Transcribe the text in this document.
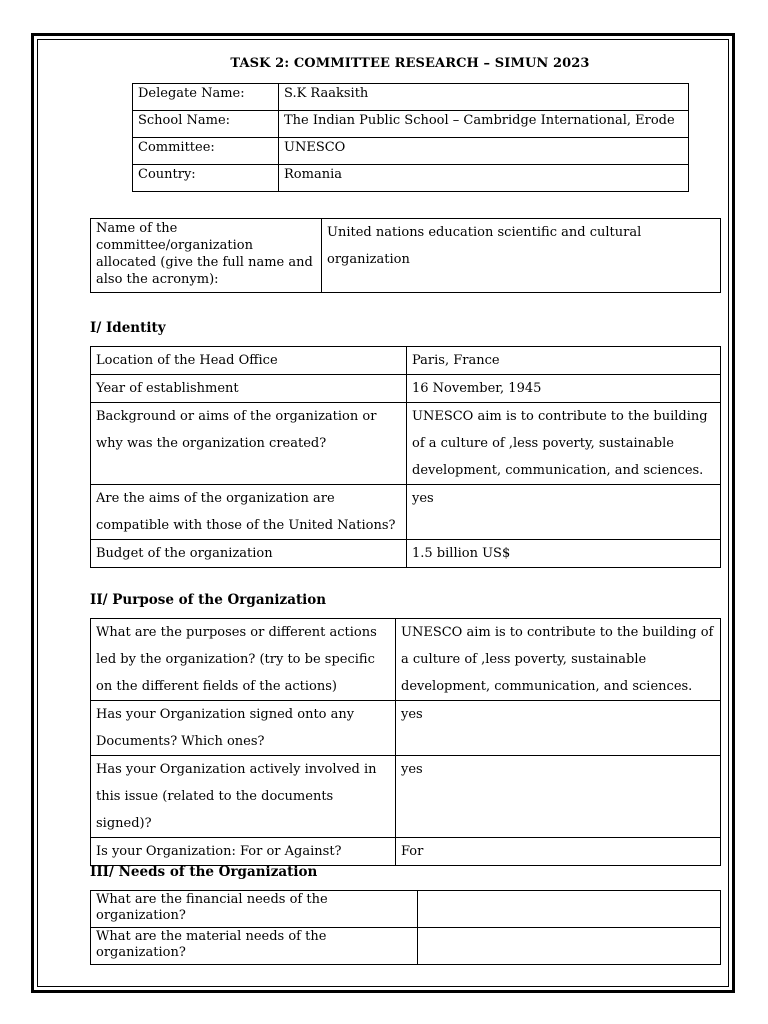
TASK 2: COMMITTEE RESEARCH – SIMUN 2023
Delegate Name:	S.K Raaksith
School Name:	The Indian Public School – Cambridge International, Erode
Committee:	UNESCO
Country:	Romania
Name of the committee/organization allocated (give the full name and also the acronym):	United nations education scientific and cultural organization
I/ Identity
Location of the Head Office	Paris, France
Year of establishment	16 November, 1945
Background or aims of the organization or why was the organization created?	UNESCO aim is to contribute to the building of a culture of ,less poverty, sustainable development, communication, and sciences.
Are the aims of the organization are compatible with those of the United Nations?	yes
Budget of the organization	1.5 billion US$
II/ Purpose of the Organization
What are the purposes or different actions led by the organization? (try to be specific on the different fields of the actions)	UNESCO aim is to contribute to the building of a culture of ,less poverty, sustainable development, communication, and sciences.
Has your Organization signed onto any Documents? Which ones?	yes
Has your Organization actively involved in this issue (related to the documents signed)?	yes
Is your Organization: For or Against?	For
III/ Needs of the Organization
What are the financial needs of the organization?	
What are the material needs of the organization?	
